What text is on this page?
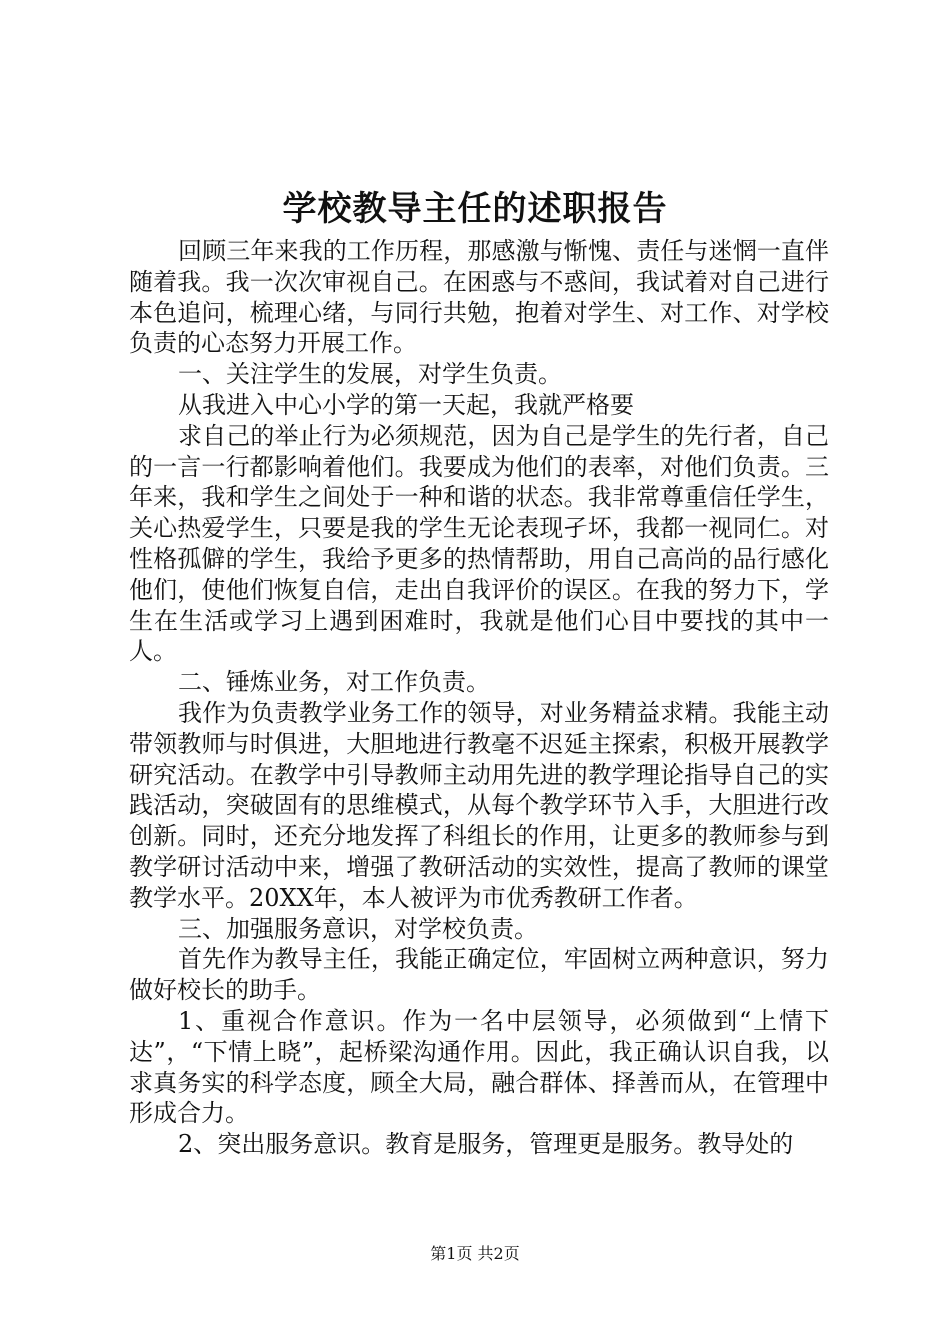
学校教导主任的述职报告

回顾三年来我的工作历程，那感激与惭愧、责任与迷惘一直伴随着我。我一次次审视自己。在困惑与不惑间，我试着对自己进行本色追问，梳理心绪，与同行共勉，抱着对学生、对工作、对学校负责的心态努力开展工作。

一、关注学生的发展，对学生负责。

从我进入中心小学的第一天起，我就严格要

求自己的举止行为必须规范，因为自己是学生的先行者，自己的一言一行都影响着他们。我要成为他们的表率，对他们负责。三年来，我和学生之间处于一种和谐的状态。我非常尊重信任学生，关心热爱学生，只要是我的学生无论表现孑坏，我都一视同仁。对性格孤僻的学生，我给予更多的热情帮助，用自己高尚的品行感化他们，使他们恢复自信，走出自我评价的误区。在我的努力下，学生在生活或学习上遇到困难时，我就是他们心目中要找的其中一人。

二、锤炼业务，对工作负责。

我作为负责教学业务工作的领导，对业务精益求精。我能主动带领教师与时俱进，大胆地进行教毫不迟延主探索，积极开展教学研究活动。在教学中引导教师主动用先进的教学理论指导自己的实践活动，突破固有的思维模式，从每个教学环节入手，大胆进行改创新。同时，还充分地发挥了科组长的作用，让更多的教师参与到教学研讨活动中来，增强了教研活动的实效性，提高了教师的课堂教学水平。20XX年，本人被评为市优秀教研工作者。

三、加强服务意识，对学校负责。

首先作为教导主任，我能正确定位，牢固树立两种意识，努力做好校长的助手。

1、重视合作意识。作为一名中层领导，必须做到“上情下达”，“下情上晓”，起桥梁沟通作用。因此，我正确认识自我，以求真务实的科学态度，顾全大局，融合群体、择善而从，在管理中形成合力。

2、突出服务意识。教育是服务，管理更是服务。教导处的

第1页 共2页
